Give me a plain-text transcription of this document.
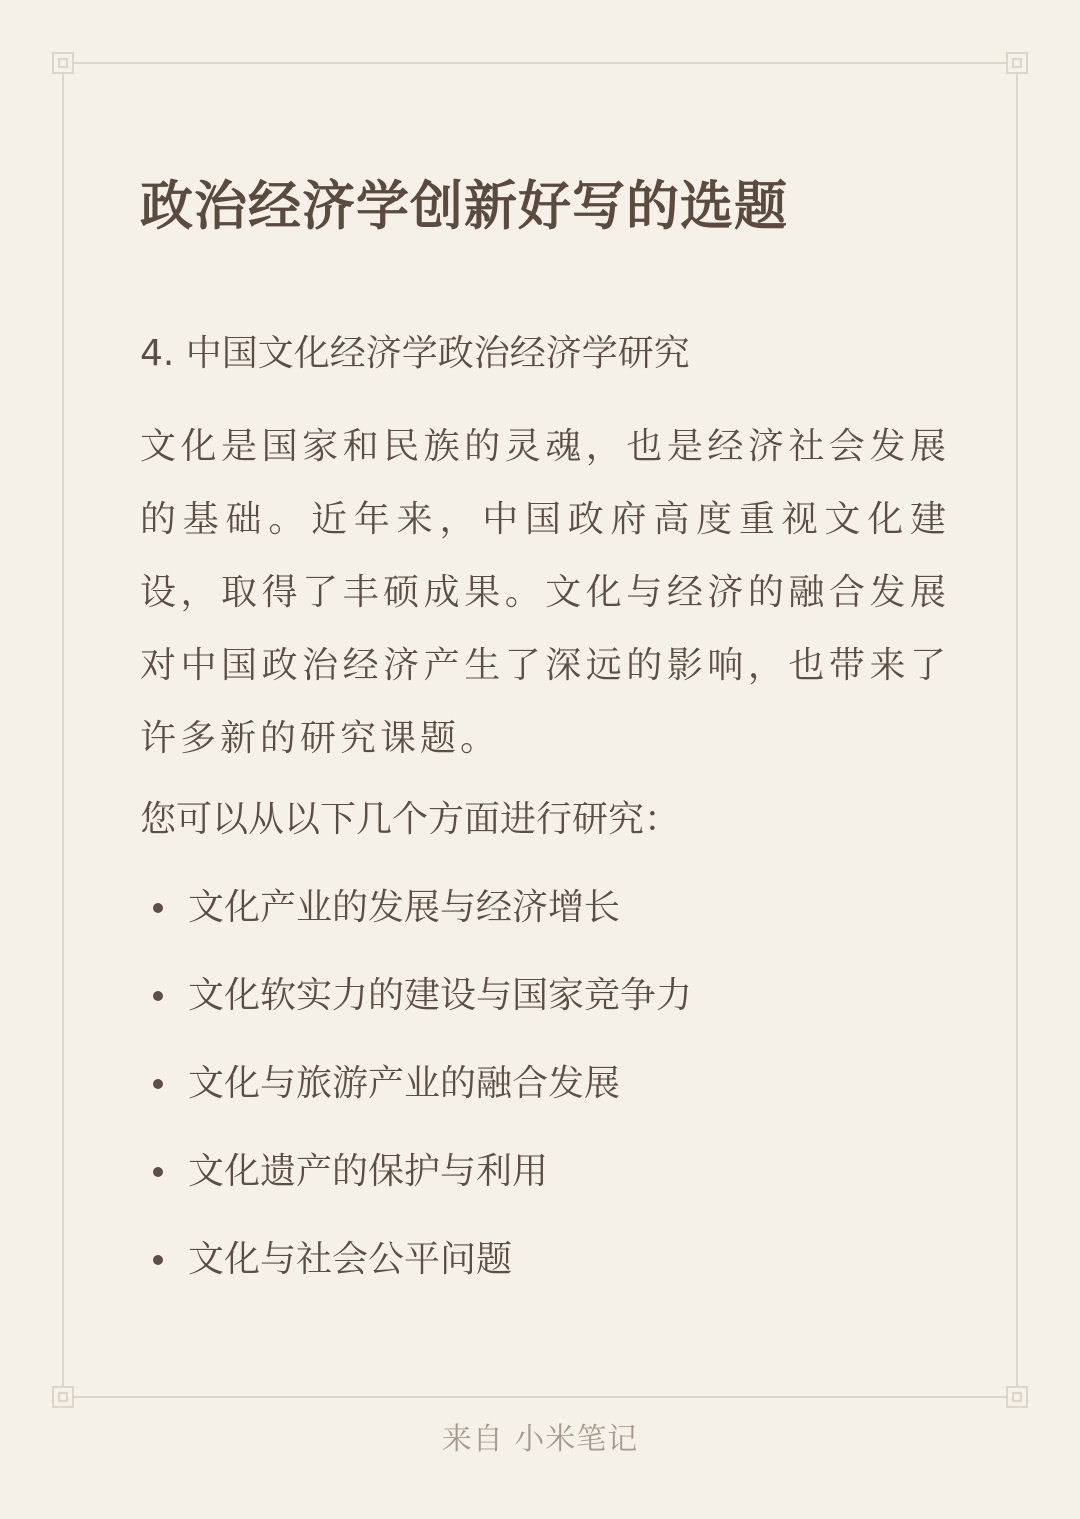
政治经济学创新好写的选题
4. 中国文化经济学政治经济学研究
文化是国家和民族的灵魂，也是经济社会发展的基础。近年来，中国政府高度重视文化建设，取得了丰硕成果。文化与经济的融合发展对中国政治经济产生了深远的影响，也带来了许多新的研究课题。
您可以从以下几个方面进行研究：
文化产业的发展与经济增长
文化软实力的建设与国家竞争力
文化与旅游产业的融合发展
文化遗产的保护与利用
文化与社会公平问题
来自 小米笔记
